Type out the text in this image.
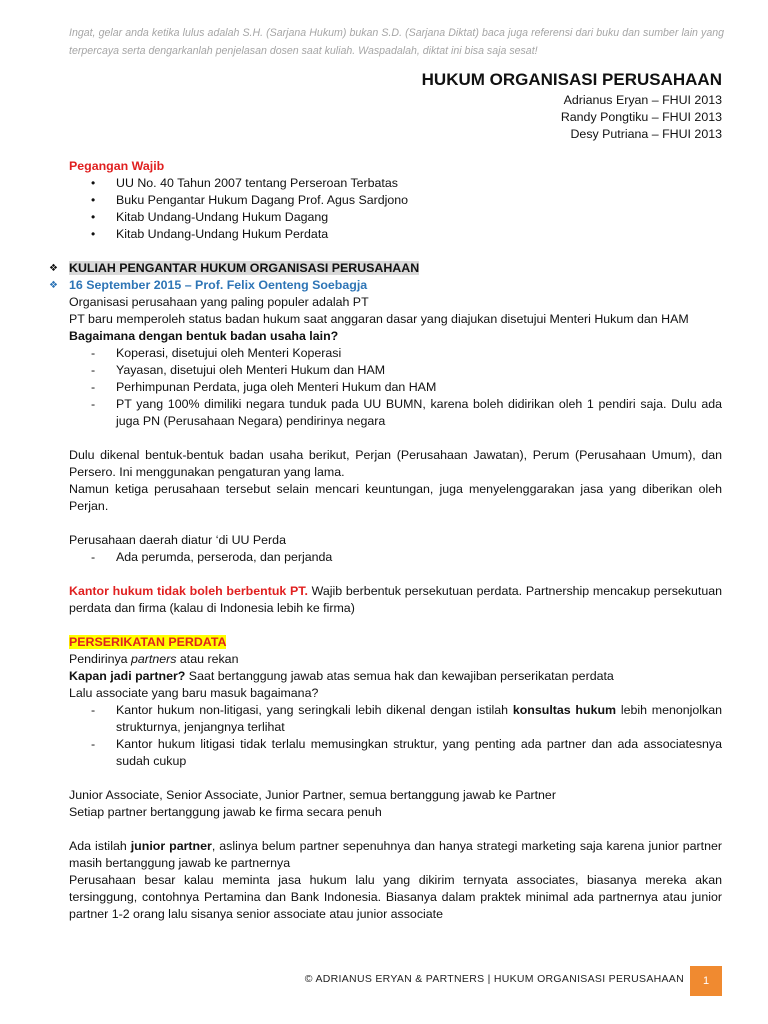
Ingat, gelar anda ketika lulus adalah S.H. (Sarjana Hukum) bukan S.D. (Sarjana Diktat) baca juga referensi dari buku dan sumber lain yang terpercaya serta dengarkanlah penjelasan dosen saat kuliah. Waspadalah, diktat ini bisa saja sesat!
HUKUM ORGANISASI PERUSAHAAN
Adrianus Eryan – FHUI 2013
Randy Pongtiku – FHUI 2013
Desy Putriana – FHUI 2013

Pegangan Wajib

• UU No. 40 Tahun 2007 tentang Perseroan Terbatas
• Buku Pengantar Hukum Dagang Prof. Agus Sardjono
• Kitab Undang-Undang Hukum Dagang
• Kitab Undang-Undang Hukum Perdata

❖ KULIAH PENGANTAR HUKUM ORGANISASI PERUSAHAAN

❖ 16 September 2015 – Prof. Felix Oenteng Soebagja

Organisasi perusahaan yang paling populer adalah PT

PT baru memperoleh status badan hukum saat anggaran dasar yang diajukan disetujui Menteri Hukum dan HAM

Bagaimana dengan bentuk badan usaha lain?

- Koperasi, disetujui oleh Menteri Koperasi
- Yayasan, disetujui oleh Menteri Hukum dan HAM
- Perhimpunan Perdata, juga oleh Menteri Hukum dan HAM
- PT yang 100% dimiliki negara tunduk pada UU BUMN, karena boleh didirikan oleh 1 pendiri saja. Dulu ada juga PN (Perusahaan Negara) pendirinya negara

Dulu dikenal bentuk-bentuk badan usaha berikut, Perjan (Perusahaan Jawatan), Perum (Perusahaan Umum), dan Persero. Ini menggunakan pengaturan yang lama.

Namun ketiga perusahaan tersebut selain mencari keuntungan, juga menyelenggarakan jasa yang diberikan oleh Perjan.

Perusahaan daerah diatur ‘di UU Perda

- Ada perumda, perseroda, dan perjanda

Kantor hukum tidak boleh berbentuk PT. Wajib berbentuk persekutuan perdata. Partnership mencakup persekutuan perdata dan firma (kalau di Indonesia lebih ke firma)

PERSERIKATAN PERDATA

Pendirinya partners atau rekan

Kapan jadi partner? Saat bertanggung jawab atas semua hak dan kewajiban perserikatan perdata

Lalu associate yang baru masuk bagaimana?

- Kantor hukum non-litigasi, yang seringkali lebih dikenal dengan istilah konsultas hukum lebih menonjolkan strukturnya, jenjangnya terlihat
- Kantor hukum litigasi tidak terlalu memusingkan struktur, yang penting ada partner dan ada associatesnya sudah cukup

Junior Associate, Senior Associate, Junior Partner, semua bertanggung jawab ke Partner

Setiap partner bertanggung jawab ke firma secara penuh

Ada istilah junior partner, aslinya belum partner sepenuhnya dan hanya strategi marketing saja karena junior partner masih bertanggung jawab ke partnernya

Perusahaan besar kalau meminta jasa hukum lalu yang dikirim ternyata associates, biasanya mereka akan tersinggung, contohnya Pertamina dan Bank Indonesia. Biasanya dalam praktek minimal ada partnernya atau junior partner 1-2 orang lalu sisanya senior associate atau junior associate

© ADRIANUS ERYAN & PARTNERS | HUKUM ORGANISASI PERUSAHAAN	1
